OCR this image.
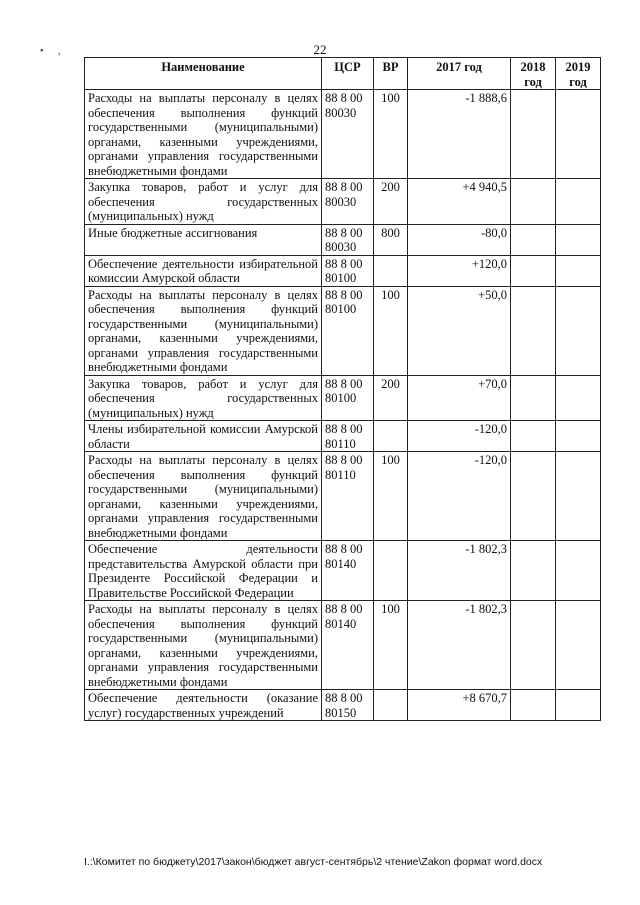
• ,	22
Наименование	ЦСР	ВР	2017 год	2018 год	2019 год
Расходы на выплаты персоналу в целях обеспечения выполнения функций государственными (муниципальными) органами, казенными учреждениями, органами управления государственными внебюджетными фондами	88 8 00 80030	100	-1 888,6		
Закупка товаров, работ и услуг для обеспечения государственных (муниципальных) нужд	88 8 00 80030	200	+4 940,5		
Иные бюджетные ассигнования	88 8 00 80030	800	-80,0		
Обеспечение деятельности избирательной комиссии Амурской области	88 8 00 80100		+120,0		
Расходы на выплаты персоналу в целях обеспечения выполнения функций государственными (муниципальными) органами, казенными учреждениями, органами управления государственными внебюджетными фондами	88 8 00 80100	100	+50,0		
Закупка товаров, работ и услуг для обеспечения государственных (муниципальных) нужд	88 8 00 80100	200	+70,0		
Члены избирательной комиссии Амурской области	88 8 00 80110		-120,0		
Расходы на выплаты персоналу в целях обеспечения выполнения функций государственными (муниципальными) органами, казенными учреждениями, органами управления государственными внебюджетными фондами	88 8 00 80110	100	-120,0		
Обеспечение деятельности представительства Амурской области при Президенте Российской Федерации и Правительстве Российской Федерации	88 8 00 80140		-1 802,3		
Расходы на выплаты персоналу в целях обеспечения выполнения функций государственными (муниципальными) органами, казенными учреждениями, органами управления государственными внебюджетными фондами	88 8 00 80140	100	-1 802,3		
Обеспечение деятельности (оказание услуг) государственных учреждений	88 8 00 80150		+8 670,7		
I.:\Комитет по бюджету\2017\закон\бюджет август-сентябрь\2 чтение\Zakon формат word.docx
